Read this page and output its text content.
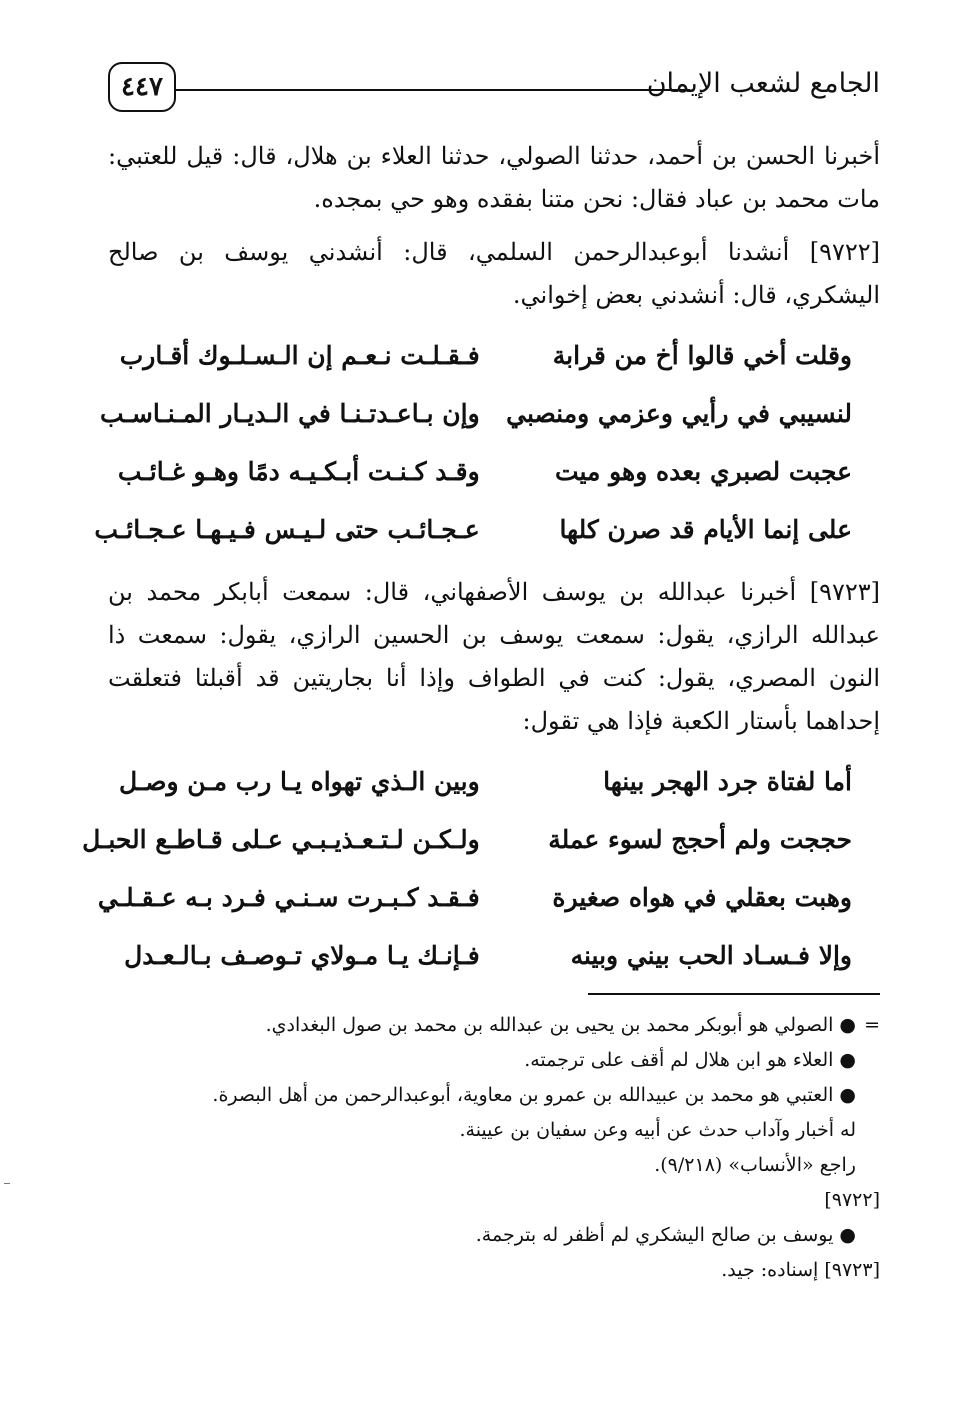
٤٤٧	الجامع لشعب الإيمان

أخبرنا الحسن بن أحمد، حدثنا الصولي، حدثنا العلاء بن هلال، قال: قيل للعتبي: مات محمد بن عباد فقال: نحن متنا بفقده وهو حي بمجده.

[٩٧٢٢] أنشدنا أبوعبدالرحمن السلمي، قال: أنشدني يوسف بن صالح اليشكري، قال: أنشدني بعض إخواني.

وقلت أخي قالوا أخ من قرابة
فـقـلـت نـعـم إن الـسـلـوك أقـارب
لنسيبي في رأيي وعزمي ومنصبي
وإن بـاعـدتـنـا في الـديـار المـنـاسـب
عجبت لصبري بعده وهو ميت
وقـد كـنـت أبـكـيـه دمًا وهـو غـائـب
على إنما الأيام قد صرن كلها
عـجـائـب حتى لـيـس فـيـهـا عـجـائـب

[٩٧٢٣] أخبرنا عبدالله بن يوسف الأصفهاني، قال: سمعت أبابكر محمد بن عبدالله الرازي، يقول: سمعت يوسف بن الحسين الرازي، يقول: سمعت ذا النون المصري، يقول: كنت في الطواف وإذا أنا بجاريتين قد أقبلتا فتعلقت إحداهما بأستار الكعبة فإذا هي تقول:

أما لفتاة جرد الهجر بينها
وبين الـذي تهواه يـا رب مـن وصـل
حججت ولم أحجج لسوء عملة
ولـكـن لـتـعـذيـبـي عـلى قـاطـع الحبـل
وهبت بعقلي في هواه صغيرة
فـقـد كـبـرت سـنـي فـرد بـه عـقـلـي
وإلا فـسـاد الحب بيني وبينه
فـإنـك يـا مـولاي تـوصـف بـالـعـدل
=●الصولي هو أبوبكر محمد بن يحيى بن عبدالله بن محمد بن صول البغدادي.
●العلاء هو ابن هلال لم أقف على ترجمته.
●العتبي هو محمد بن عبيدالله بن عمرو بن معاوية، أبوعبدالرحمن من أهل البصرة.
له أخبار وآداب حدث عن أبيه وعن سفيان بن عيينة.
راجع «الأنساب» (٩/٢١٨).
[٩٧٢٢]
●يوسف بن صالح اليشكري لم أظفر له بترجمة.
[٩٧٢٣] إسناده: جيد.
